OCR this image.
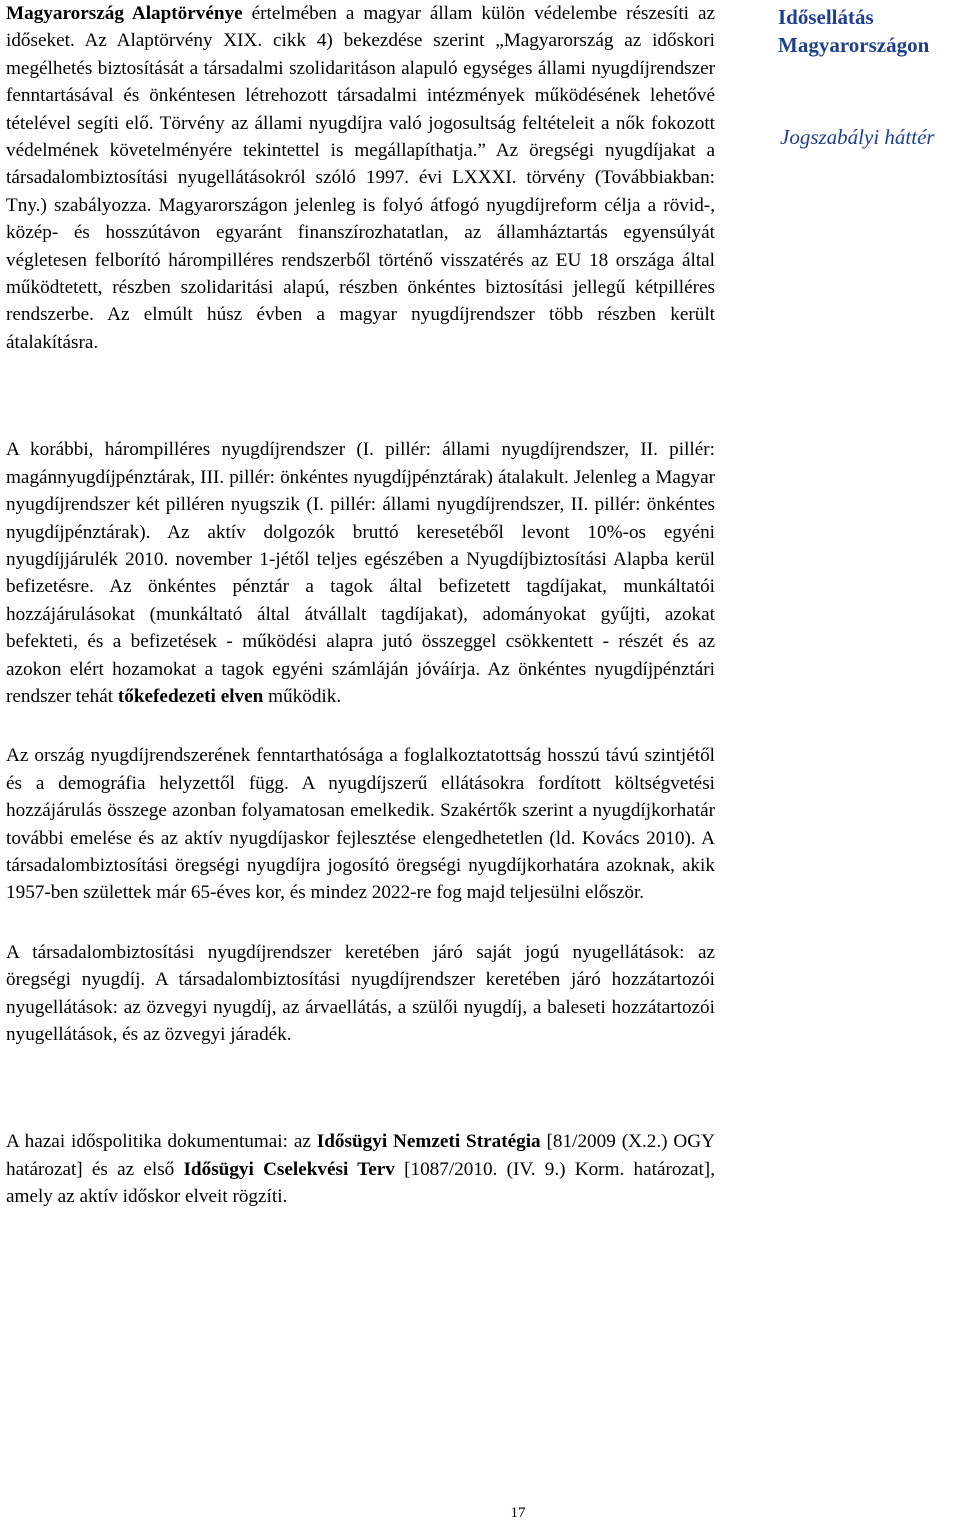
Magyarország Alaptörvénye értelmében a magyar állam külön védelembe részesíti az időseket. Az Alaptörvény XIX. cikk 4) bekezdése szerint „Magyarország az időskori megélhetés biztosítását a társadalmi szolidaritáson alapuló egységes állami nyugdíjrendszer fenntartásával és önkéntesen létrehozott társadalmi intézmények működésének lehetővé tételével segíti elő. Törvény az állami nyugdíjra való jogosultság feltételeit a nők fokozott védelmének követelményére tekintettel is megállapíthatja.” Az öregségi nyugdíjakat a társadalombiztosítási nyugellátásokról szóló 1997. évi LXXXI. törvény (Továbbiakban: Tny.) szabályozza. Magyarországon jelenleg is folyó átfogó nyugdíjreform célja a rövid-, közép- és hosszútávon egyaránt finanszírozhatatlan, az államháztartás egyensúlyát végletesen felborító hárompilléres rendszerből történő visszatérés az EU 18 országa által működtetett, részben szolidaritási alapú, részben önkéntes biztosítási jellegű kétpilléres rendszerbe. Az elmúlt húsz évben a magyar nyugdíjrendszer több részben került átalakításra.

A korábbi, hárompilléres nyugdíjrendszer (I. pillér: állami nyugdíjrendszer, II. pillér: magánnyugdíjpénztárak, III. pillér: önkéntes nyugdíjpénztárak) átalakult. Jelenleg a Magyar nyugdíjrendszer két pilléren nyugszik (I. pillér: állami nyugdíjrendszer, II. pillér: önkéntes nyugdíjpénztárak). Az aktív dolgozók bruttó keresetéből levont 10%-os egyéni nyugdíjjárulék 2010. november 1-jétől teljes egészében a Nyugdíjbiztosítási Alapba kerül befizetésre. Az önkéntes pénztár a tagok által befizetett tagdíjakat, munkáltatói hozzájárulásokat (munkáltató által átvállalt tagdíjakat), adományokat gyűjti, azokat befekteti, és a befizetések - működési alapra jutó összeggel csökkentett - részét és az azokon elért hozamokat a tagok egyéni számláján jóváírja. Az önkéntes nyugdíjpénztári rendszer tehát tőkefedezeti elven működik.

Az ország nyugdíjrendszerének fenntarthatósága a foglalkoztatottság hosszú távú szintjétől és a demográfia helyzettől függ. A nyugdíjszerű ellátásokra fordított költségvetési hozzájárulás összege azonban folyamatosan emelkedik. Szakértők szerint a nyugdíjkorhatár további emelése és az aktív nyugdíjaskor fejlesztése elengedhetetlen (ld. Kovács 2010). A társadalombiztosítási öregségi nyugdíjra jogosító öregségi nyugdíjkorhatára azoknak, akik 1957-ben születtek már 65-éves kor, és mindez 2022-re fog majd teljesülni először.

A társadalombiztosítási nyugdíjrendszer keretében járó saját jogú nyugellátások: az öregségi nyugdíj. A társadalombiztosítási nyugdíjrendszer keretében járó hozzátartozói nyugellátások: az özvegyi nyugdíj, az árvaellátás, a szülői nyugdíj, a baleseti hozzátartozói nyugellátások, és az özvegyi járadék.

A hazai időspolitika dokumentumai: az Idősügyi Nemzeti Stratégia [81/2009 (X.2.) OGY határozat] és az első Idősügyi Cselekvési Terv [1087/2010. (IV. 9.) Korm. határozat], amely az aktív időskor elveit rögzíti.

Idősellátás
Magyarországon

Jogszabályi háttér

17
